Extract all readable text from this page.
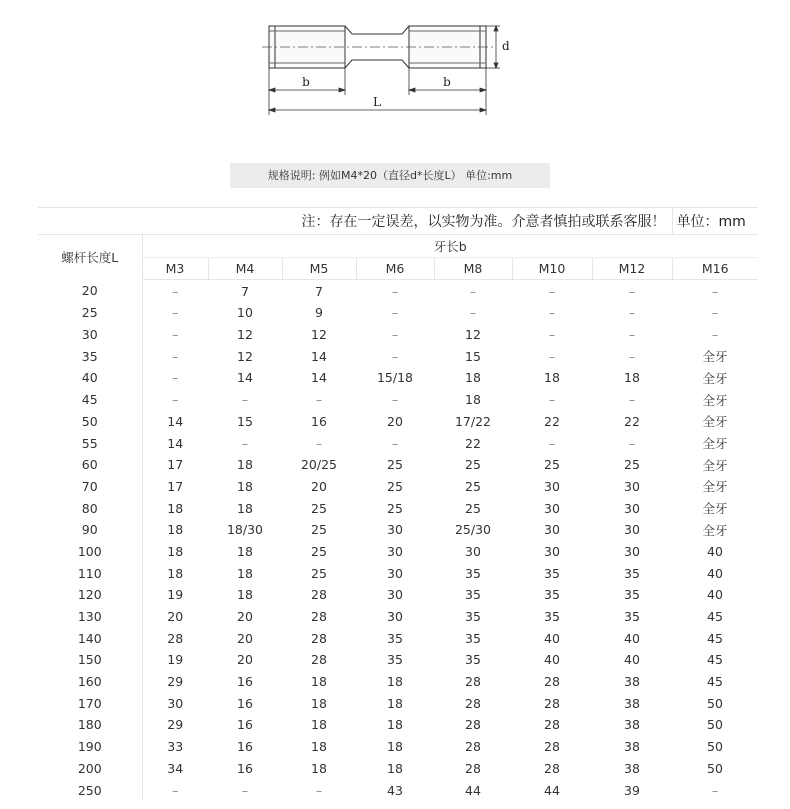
b	b
L
d
规格说明: 例如M4*20（直径d*长度L） 单位:mm
注：存在一定误差，以实物为准。介意者慎拍或联系客服！								单位：mm
螺杆长度L	牙长b							
	M3	M4	M5	M6	M8	M10	M12	M16
20	–	7	7	–	–	–	–	–
25	–	10	9	–	–	–	–	–
30	–	12	12	–	12	–	–	–
35	–	12	14	–	15	–	–	全牙
40	–	14	14	15/18	18	18	18	全牙
45	–	–	–	–	18	–	–	全牙
50	14	15	16	20	17/22	22	22	全牙
55	14	–	–	–	22	–	–	全牙
60	17	18	20/25	25	25	25	25	全牙
70	17	18	20	25	25	30	30	全牙
80	18	18	25	25	25	30	30	全牙
90	18	18/30	25	30	25/30	30	30	全牙
100	18	18	25	30	30	30	30	40
110	18	18	25	30	35	35	35	40
120	19	18	28	30	35	35	35	40
130	20	20	28	30	35	35	35	45
140	28	20	28	35	35	40	40	45
150	19	20	28	35	35	40	40	45
160	29	16	18	18	28	28	38	45
170	30	16	18	18	28	28	38	50
180	29	16	18	18	28	28	38	50
190	33	16	18	18	28	28	38	50
200	34	16	18	18	28	28	38	50
250	–	–	–	43	44	44	39	–
